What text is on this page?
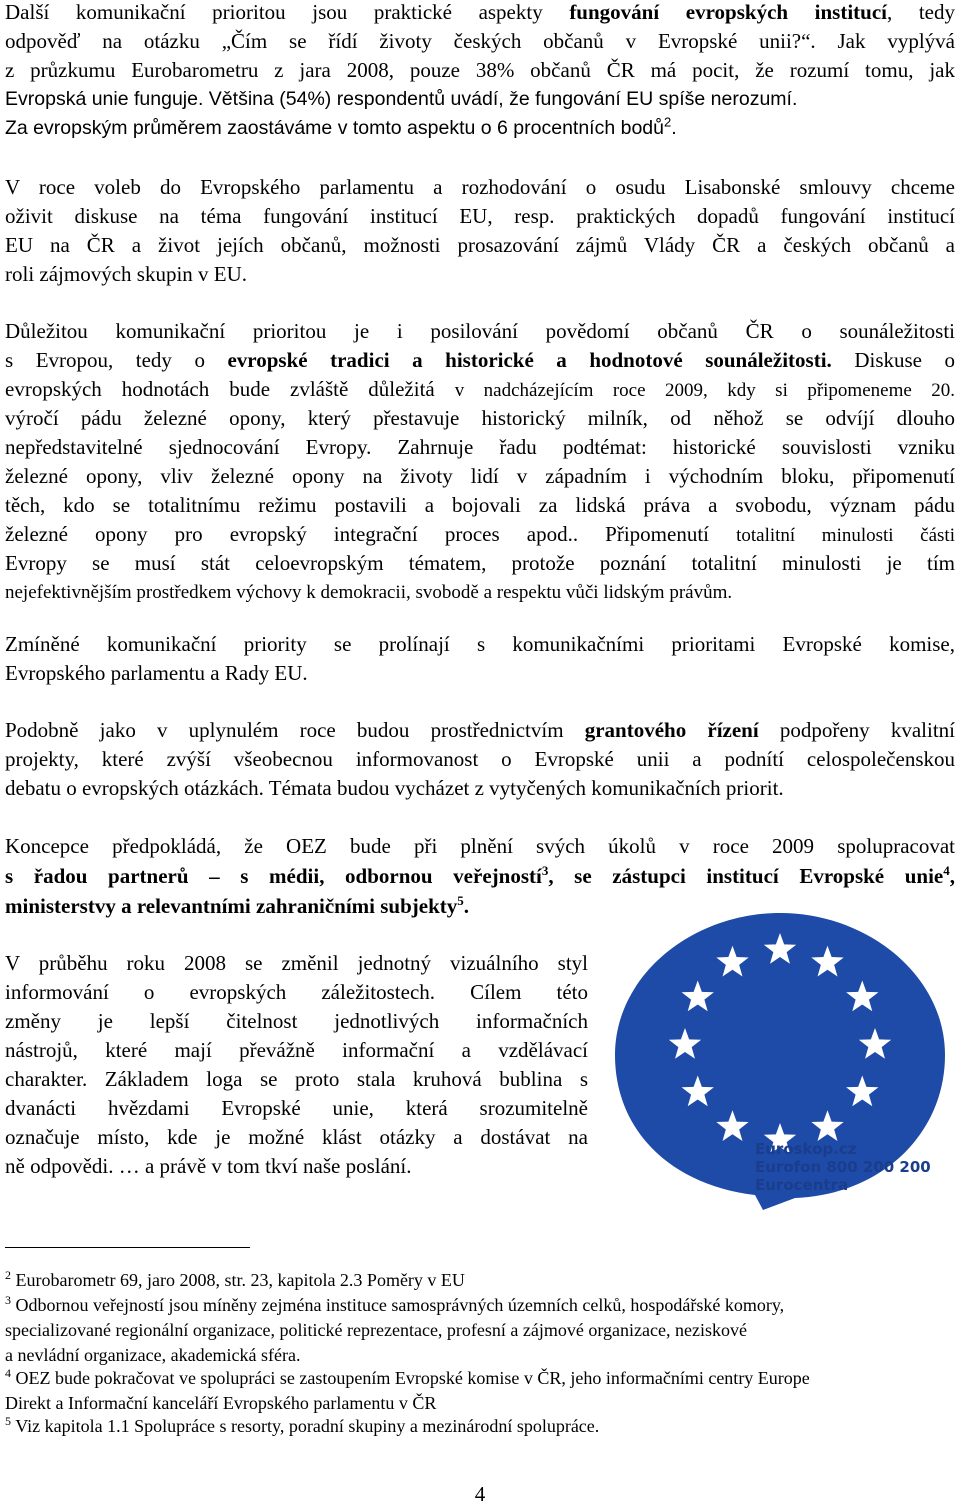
Další komunikační prioritou jsou praktické aspekty fungování evropských institucí, tedy
odpověď na otázku „Čím se řídí životy českých občanů v Evropské unii?“. Jak vyplývá
z průzkumu Eurobarometru z jara 2008, pouze 38% občanů ČR má pocit, že rozumí tomu, jak
Evropská unie funguje. Většina (54%) respondentů uvádí, že fungování EU spíše nerozumí.
Za evropským průměrem zaostáváme v tomto aspektu o 6 procentních bodů$^2$.
V roce voleb do Evropského parlamentu a rozhodování o osudu Lisabonské smlouvy chceme
oživit diskuse na téma fungování institucí EU, resp. praktických dopadů fungování institucí
EU na ČR a život jejích občanů, možnosti prosazování zájmů Vlády ČR a českých občanů a
roli zájmových skupin v EU.
Důležitou komunikační prioritou je i posilování povědomí občanů ČR o sounáležitosti
s Evropou, tedy o evropské tradici a historické a hodnotové sounáležitosti. Diskuse o
evropských hodnotách bude zvláště důležitá v nadcházejícím roce 2009, kdy si připomeneme 20.
výročí pádu železné opony, který přestavuje historický milník, od něhož se odvíjí dlouho
nepředstavitelné sjednocování Evropy. Zahrnuje řadu podtémat: historické souvislosti vzniku
železné opony, vliv železné opony na životy lidí v západním i východním bloku, připomenutí
těch, kdo se totalitnímu režimu postavili a bojovali za lidská práva a svobodu, význam pádu
železné opony pro evropský integrační proces apod.. Připomenutí totalitní minulosti části
Evropy se musí stát celoevropským tématem, protože poznání totalitní minulosti je tím
nejefektivnějším prostředkem výchovy k demokracii, svobodě a respektu vůči lidským právům.
Zmíněné komunikační priority se prolínají s komunikačními prioritami Evropské komise,
Evropského parlamentu a Rady EU.
Podobně jako v uplynulém roce budou prostřednictvím grantového řízení podpořeny kvalitní
projekty, které zvýší všeobecnou informovanost o Evropské unii a podnítí celospolečenskou
debatu o evropských otázkách. Témata budou vycházet z vytyčených komunikačních priorit.
Koncepce předpokládá, že OEZ bude při plnění svých úkolů v roce 2009 spolupracovat
s řadou partnerů – s médii, odbornou veřejností$^3$, se zástupci institucí Evropské unie$^4$,
ministerstvy a relevantními zahraničními subjekty$^5$.
V průběhu roku 2008 se změnil jednotný vizuálního styl
informování o evropských záležitostech. Cílem této
změny je lepší čitelnost jednotlivých informačních
nástrojů, které mají převážně informační a vzdělávací
charakter. Základem loga se proto stala kruhová bublina s
dvanácti hvězdami Evropské unie, která srozumitelně
označuje místo, kde je možné klást otázky a dostávat na
ně odpovědi. … a právě v tom tkví naše poslání.
Euroskop.cz
Eurofon 800 200 200
Eurocentra
$^2$ Eurobarometr 69, jaro 2008, str. 23, kapitola 2.3 Poměry v EU
$^3$ Odbornou veřejností jsou míněny zejména instituce samosprávných územních celků, hospodářské komory,
specializované regionální organizace, politické reprezentace, profesní a zájmové organizace, neziskové
a nevládní organizace, akademická sféra.
$^4$ OEZ bude pokračovat ve spolupráci se zastoupením Evropské komise v ČR, jeho informačními centry Europe
Direkt a Informační kanceláří Evropského parlamentu v ČR
$^5$ Viz kapitola 1.1 Spolupráce s resorty, poradní skupiny a mezinárodní spolupráce.
4
